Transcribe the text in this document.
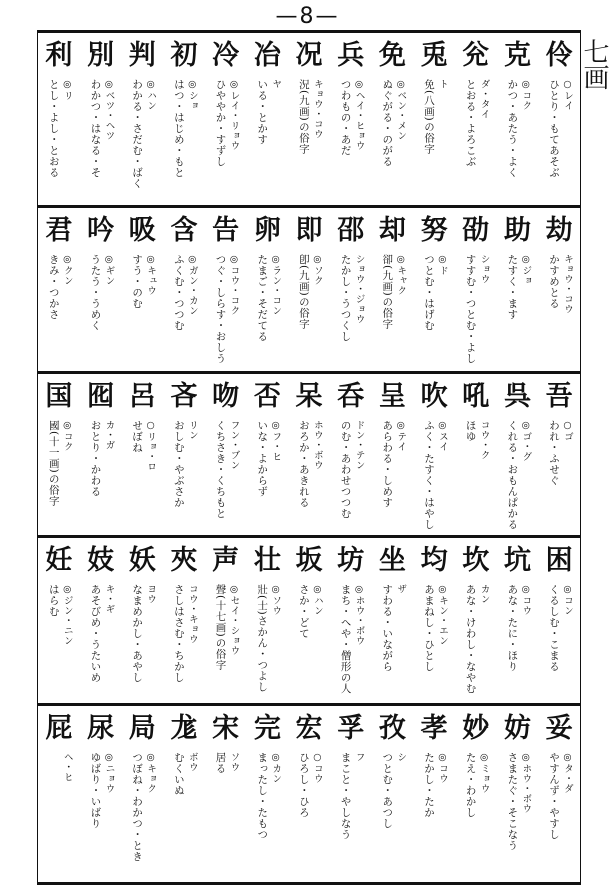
—8—
七画
伶
○レイ
ひとり・もてあそぶ
克
◎コク
かつ・あたう・よく
兊
ダ・タイ
とおる・よろこぶ
兎
ト
免(八画)の俗字
免
◎ベン・メン
ぬぐがる・のがる
兵
◎ヘイ・ヒョウ
つわもの・あだ
况
キョウ・コウ
況(九画)の俗字
冶
ヤ
いる・とかす
冷
◎レイ・リョウ
ひややか・すずし
初
◎ショ
はつ・はじめ・もと
判
◎ハン
わかる・さだむ・ばく
別
◎ベツ・ヘツ
わかつ・はなる・そ
利
◎リ
とし・よし・とおる
劫
キョウ・コウ
かすめとる
助
◎ジョ
たすく・ます
劭
ショウ
すすむ・つとむ・よし
努
◎ド
つとむ・はげむ
却
◎キャク
卻(九画)の俗字
邵
ショウ・ジョウ
たかし・うつくし
即
◎ソク
卽(九画)の俗字
卵
◎ラン・コン
たまご・そだてる
告
◎コウ・コク
つぐ・しらす・おしう
含
◎ガン・カン
ふくむ・つつむ
吸
◎キュウ
すう・のむ
吟
◎ギン
うたう・うめく
君
◎クン
きみ・つかさ
吾
○ゴ
われ・ふせぐ
呉
◎ゴ・グ
くれる・おもんぱかる
吼
コウ・ク
ほゆ
吹
◎スイ
ふく・たすく・はやし
呈
◎テイ
あらわる・しめす
呑
ドン・テン
のむ・あわせつつむ
呆
ホウ・ボウ
おろか・あきれる
否
◎フ・ヒ
いな・よからず
吻
フン・ブン
くちさき・くちもと
吝
リン
おしむ・やぶさか
呂
○リョ・ロ
せぼね
囮
カ・ガ
おとり・かわる
国
◎コク
國(十一画)の俗字
困
◎コン
くるしむ・こまる
坑
◎コウ
あな・たに・ほり
坎
カン
あな・けわし・なやむ
均
◎キン・エン
あまねし・ひとし
坐
ザ
すわる・いながら
坊
◎ホウ・ボウ
まち・へや・僧形の人
坂
◎ハン
さか・どて
壮
◎ソウ
壯(士)さかん・つよし
声
◎セイ・ショウ
聲(十七画)の俗字
夾
コウ・キョウ
さしはさむ・ちかし
妖
ヨウ
なまめかし・あやし
妓
キ・ギ
あそびめ・うたいめ
妊
◎ジン・ニン
はらむ
妥
◎タ・ダ
やすんず・やすし
妨
◎ホウ・ボウ
さまたぐ・そこなう
妙
◎ミョウ
たえ・わかし
孝
◎コウ
たかし・たか
孜
シ
つとむ・あつし
孚
フ
まこと・やしなう
宏
○コウ
ひろし・ひろ
完
◎カン
まったし・たもつ
宋
ソウ
居る
尨
ボウ
むくいぬ
局
◎キョク
つぼね・わかつ・とき
尿
◎ニョウ
ゆばり・いばり
屁
ヘ・ヒ
